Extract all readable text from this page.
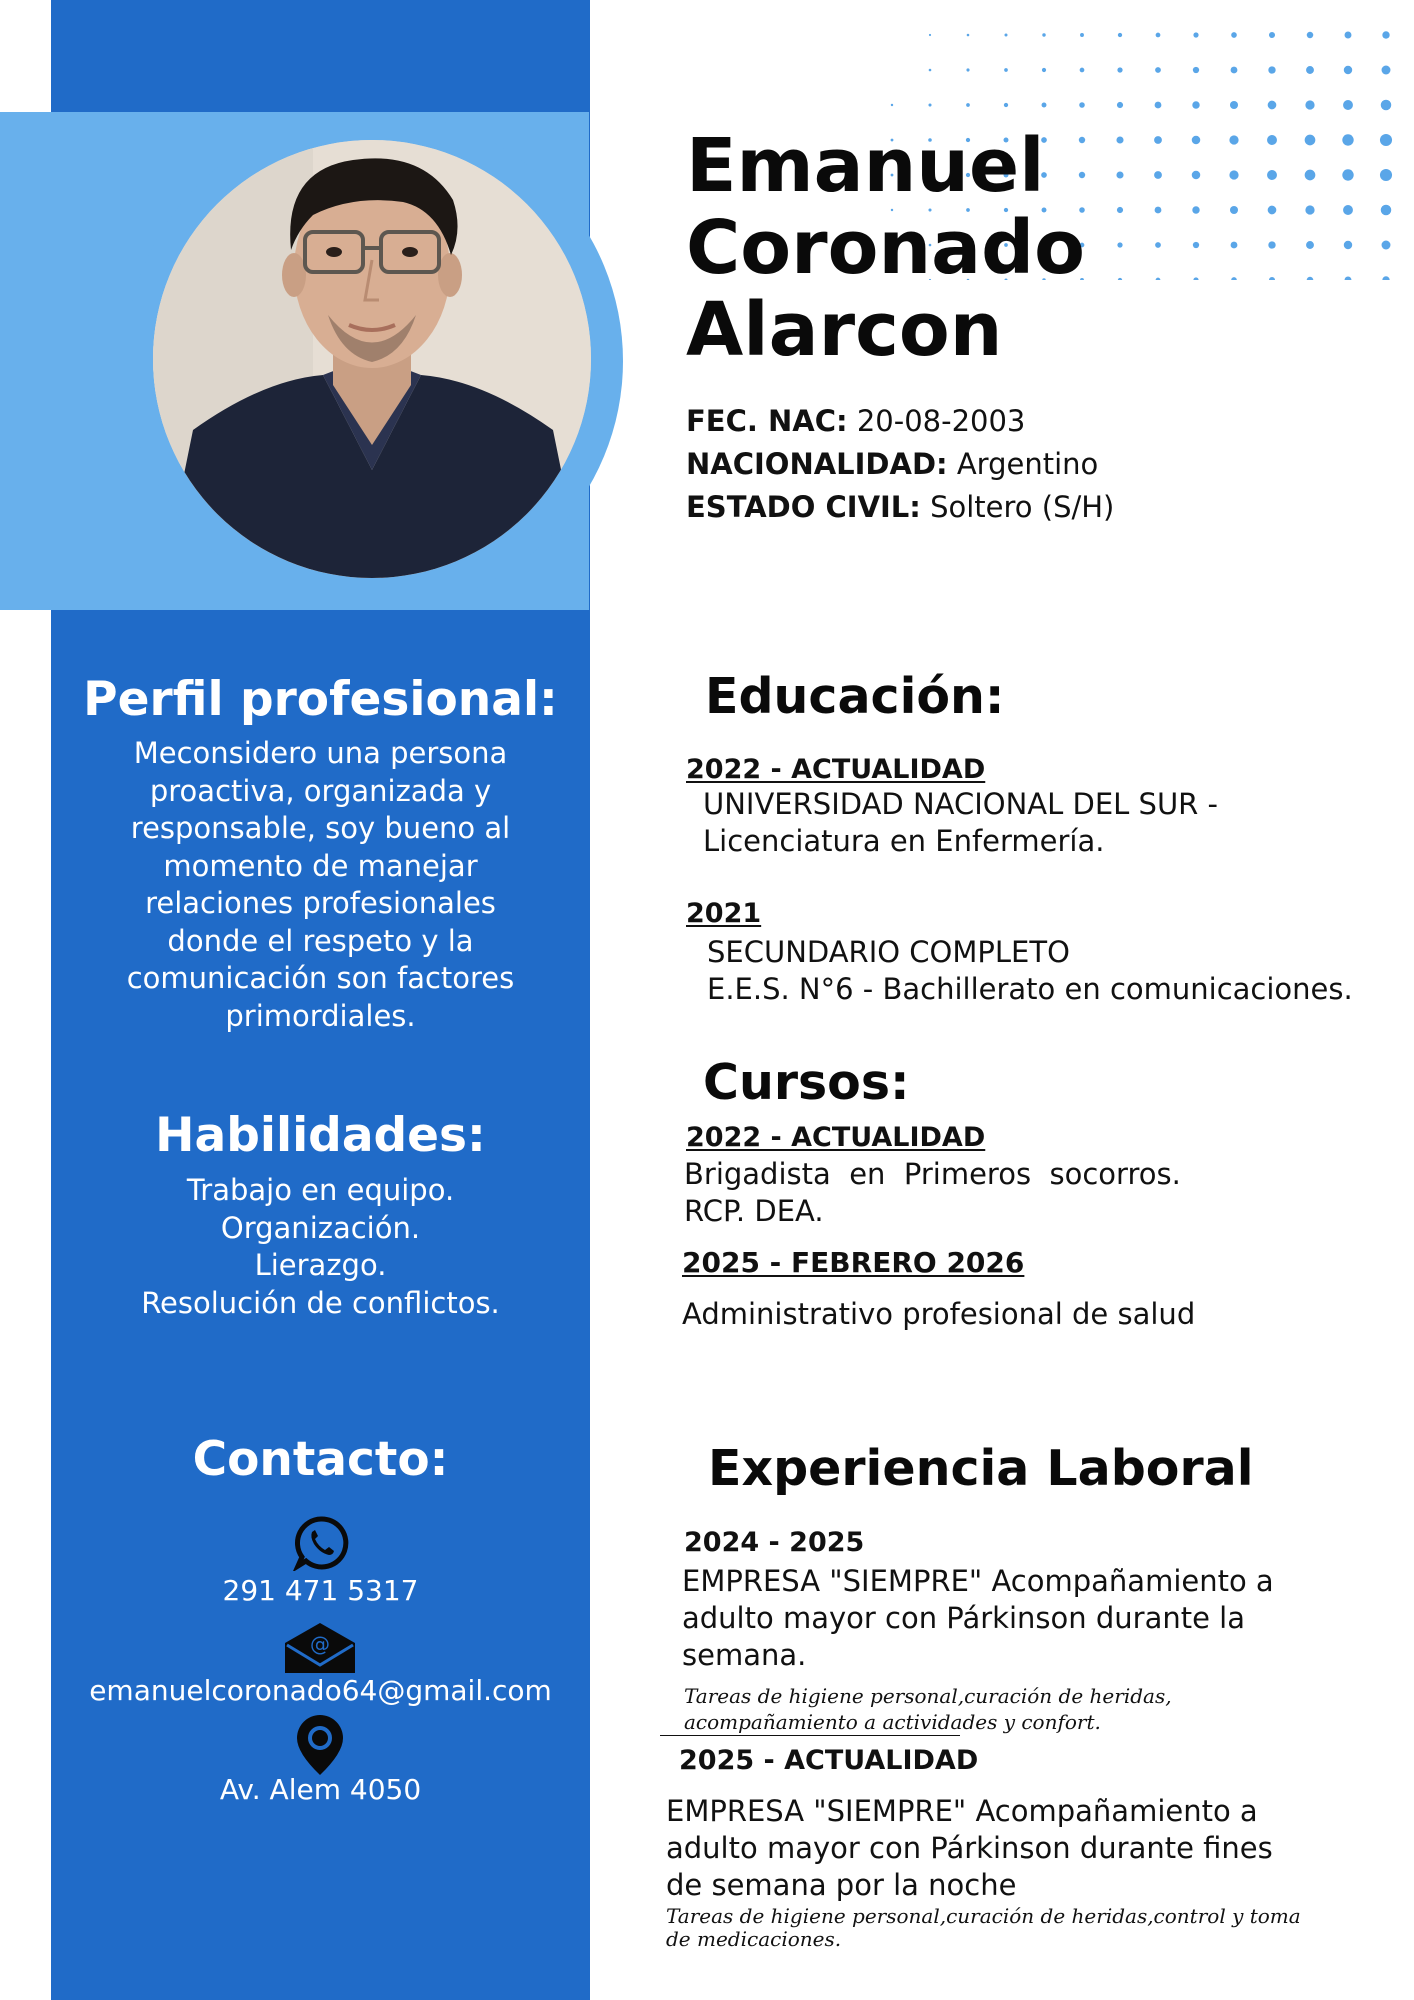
Emanuel
Coronado
Alarcon
FEC. NAC: 20-08-2003
NACIONALIDAD: Argentino
ESTADO CIVIL: Soltero (S/H)
Perfil profesional:
Meconsidero una persona
proactiva, organizada y
responsable, soy bueno al
momento de manejar
relaciones profesionales
donde el respeto y la
comunicación son factores
primordiales.
Habilidades:
Trabajo en equipo.
Organización.
Lierazgo.
Resolución de conflictos.
Contacto:
291 471 5317
@
emanuelcoronado64@gmail.com
Av. Alem 4050
Educación:
2022 - ACTUALIDAD
UNIVERSIDAD NACIONAL DEL SUR -
Licenciatura en Enfermería.
2021
SECUNDARIO COMPLETO
E.E.S. N°6 - Bachillerato en comunicaciones.
Cursos:
2022 - ACTUALIDAD
Brigadista  en  Primeros  socorros.
RCP. DEA.
2025 - FEBRERO 2026
Administrativo profesional de salud
Experiencia Laboral
2024 - 2025
EMPRESA "SIEMPRE" Acompañamiento a
adulto mayor con Párkinson durante la
semana.
Tareas de higiene personal,curación de heridas,
acompañamiento a actividades y confort.
2025 - ACTUALIDAD
EMPRESA "SIEMPRE" Acompañamiento a
adulto mayor con Párkinson durante fines
de semana por la noche
Tareas de higiene personal,curación de heridas,control y toma
de medicaciones.
